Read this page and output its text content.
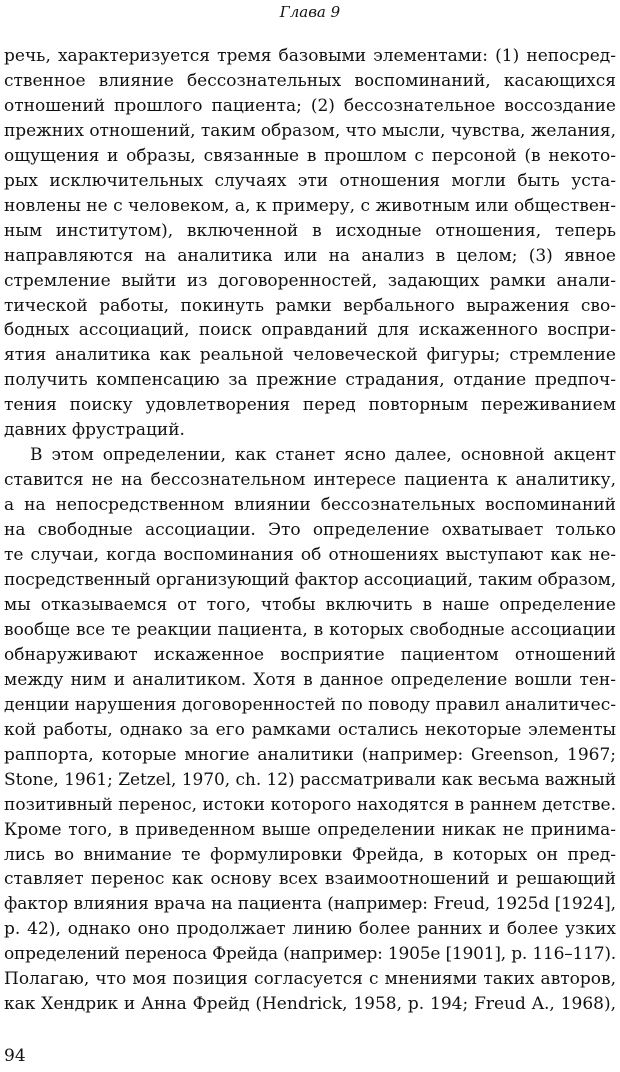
Глава 9

речь, характеризуется тремя базовыми элементами: (1) непосред-
ственное влияние бессознательных воспоминаний, касающихся
отношений прошлого пациента; (2) бессознательное воссоздание
прежних отношений, таким образом, что мысли, чувства, желания,
ощущения и образы, связанные в прошлом с персоной (в некото-
рых исключительных случаях эти отношения могли быть уста-
новлены не с человеком, а, к примеру, с животным или обществен-
ным институтом), включенной в исходные отношения, теперь
направляются на аналитика или на анализ в целом; (3) явное
стремление выйти из договоренностей, задающих рамки анали-
тической работы, покинуть рамки вербального выражения сво-
бодных ассоциаций, поиск оправданий для искаженного воспри-
ятия аналитика как реальной человеческой фигуры; стремление
получить компенсацию за прежние страдания, отдание предпоч-
тения поиску удовлетворения перед повторным переживанием
давних фрустраций.

В этом определении, как станет ясно далее, основной акцент
ставится не на бессознательном интересе пациента к аналитику,
а на непосредственном влиянии бессознательных воспоминаний
на свободные ассоциации. Это определение охватывает только
те случаи, когда воспоминания об отношениях выступают как не-
посредственный организующий фактор ассоциаций, таким образом,
мы отказываемся от того, чтобы включить в наше определение
вообще все те реакции пациента, в которых свободные ассоциации
обнаруживают искаженное восприятие пациентом отношений
между ним и аналитиком. Хотя в данное определение вошли тен-
денции нарушения договоренностей по поводу правил аналитичес-
кой работы, однако за его рамками остались некоторые элементы
раппорта, которые многие аналитики (например: Greenson, 1967;
Stone, 1961; Zetzel, 1970, ch. 12) рассматривали как весьма важный
позитивный перенос, истоки которого находятся в раннем детстве.
Кроме того, в приведенном выше определении никак не принима-
лись во внимание те формулировки Фрейда, в которых он пред-
ставляет перенос как основу всех взаимоотношений и решающий
фактор влияния врача на пациента (например: Freud, 1925d [1924],
p. 42), однако оно продолжает линию более ранних и более узких
определений переноса Фрейда (например: 1905e [1901], p. 116–117).
Полагаю, что моя позиция согласуется с мнениями таких авторов,
как Хендрик и Анна Фрейд (Hendrick, 1958, p. 194; Freud A., 1968),

94
